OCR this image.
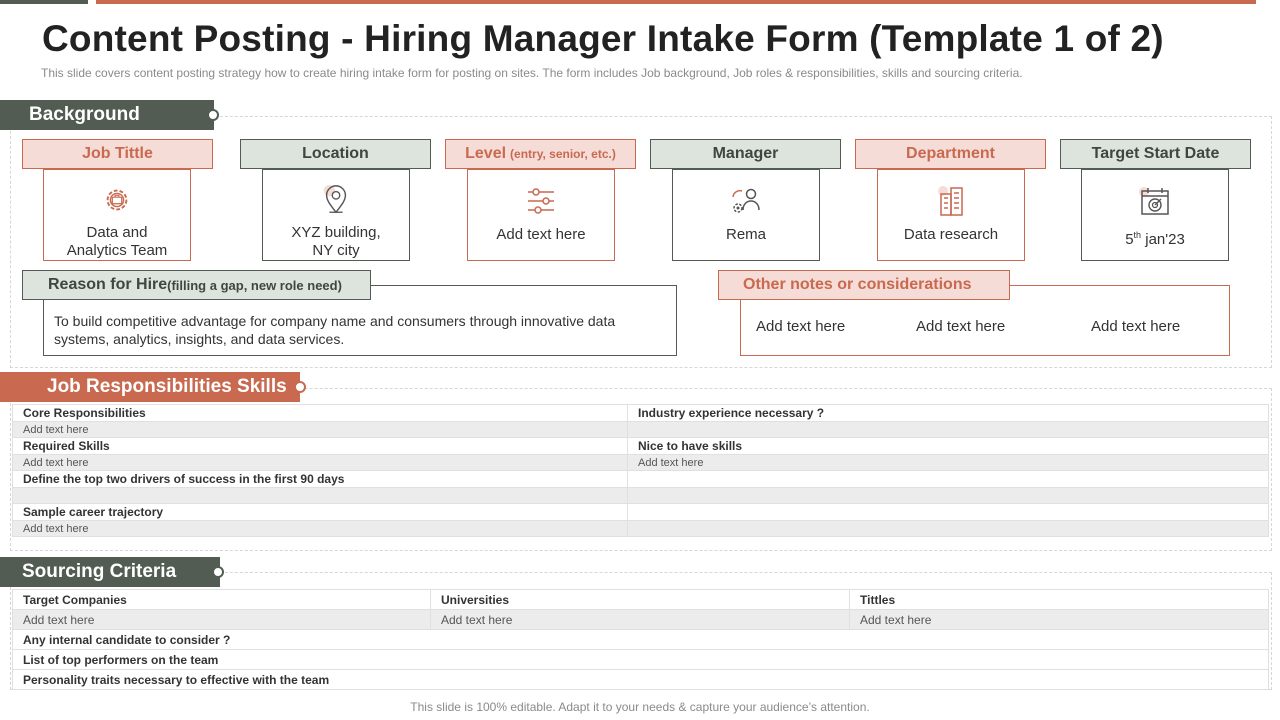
Content Posting - Hiring Manager Intake Form (Template 1 of 2)

This slide covers content posting strategy how to create hiring intake form for posting on sites. The form includes Job background, Job roles & responsibilities, skills and sourcing criteria.

Background
Data and
Analytics Team
Job Tittle
XYZ building,
NY city
Location
Add text here
Level (entry, senior, etc.)
Rema
Manager
Data research
Department
5th jan'23
Target Start Date

To build competitive advantage for company name and consumers through innovative data systems, analytics, insights, and data services.

Reason for Hire (filling a gap, new role need)
Add text here	Add text here	Add text here
Other notes or considerations
Job Responsibilities Skills
Core Responsibilities	Industry experience necessary ?
Add text here	
Required Skills	Nice to have skills
Add text here	Add text here
Define the top two drivers of success in the first 90 days	

Sample career trajectory	
Add text here	
Sourcing Criteria
Target Companies	Universities	Tittles
Add text here	Add text here	Add text here
Any internal candidate to consider ?		
List of top performers on the team		
Personality traits necessary to effective with the team		

This slide is 100% editable. Adapt it to your needs & capture your audience’s attention.
